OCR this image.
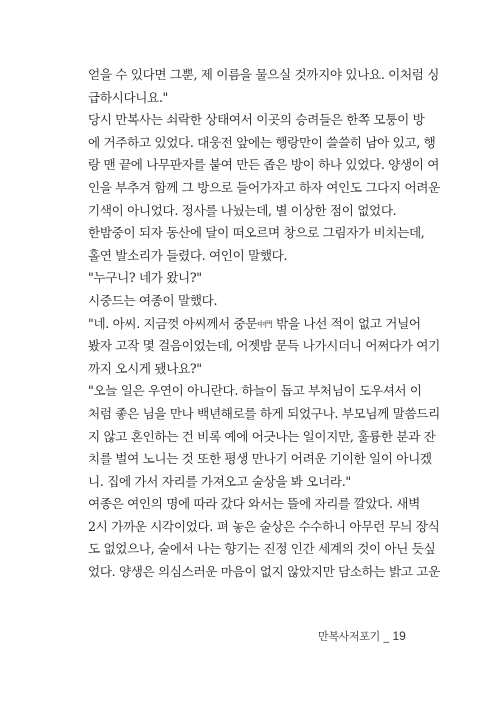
얻을 수 있다면 그뿐, 제 이름을 물으실 것까지야 있나요. 이처럼 싱
급하시다니요."
당시 만복사는 쇠락한 상태여서 이곳의 승려들은 한쪽 모퉁이 방
에 거주하고 있었다. 대웅전 앞에는 행랑만이 쓸쓸히 남아 있고, 행
랑 맨 끝에 나무판자를 붙여 만든 좁은 방이 하나 있었다. 양생이 여
인을 부추겨 함께 그 방으로 들어가자고 하자 여인도 그다지 어려운
기색이 아니었다. 정사를 나눴는데, 별 이상한 점이 없었다.
한밤중이 되자 동산에 달이 떠오르며 창으로 그림자가 비치는데,
홀연 발소리가 들렸다. 여인이 말했다.
"누구니? 네가 왔니?"
시중드는 여종이 말했다.
"네. 아씨. 지금껏 아씨께서 중문中門 밖을 나선 적이 없고 거닐어
봤자 고작 몇 걸음이었는데, 어젯밤 문득 나가시더니 어쩌다가 여기
까지 오시게 됐나요?"
"오늘 일은 우연이 아니란다. 하늘이 돕고 부처님이 도우셔서 이
처럼 좋은 님을 만나 백년해로를 하게 되었구나. 부모님께 말씀드리
지 않고 혼인하는 건 비록 예에 어긋나는 일이지만, 훌륭한 분과 잔
치를 벌여 노니는 것 또한 평생 만나기 어려운 기이한 일이 아니겠
니. 집에 가서 자리를 가져오고 술상을 봐 오너라."
여종은 여인의 명에 따라 갔다 와서는 뜰에 자리를 깔았다. 새벽
2시 가까운 시각이었다. 펴 놓은 술상은 수수하니 아무런 무늬 장식
도 없었으나, 술에서 나는 향기는 진정 인간 세계의 것이 아닌 듯싶
었다. 양생은 의심스러운 마음이 없지 않았지만 담소하는 밝고 고운
만복사저포기 _ 19
